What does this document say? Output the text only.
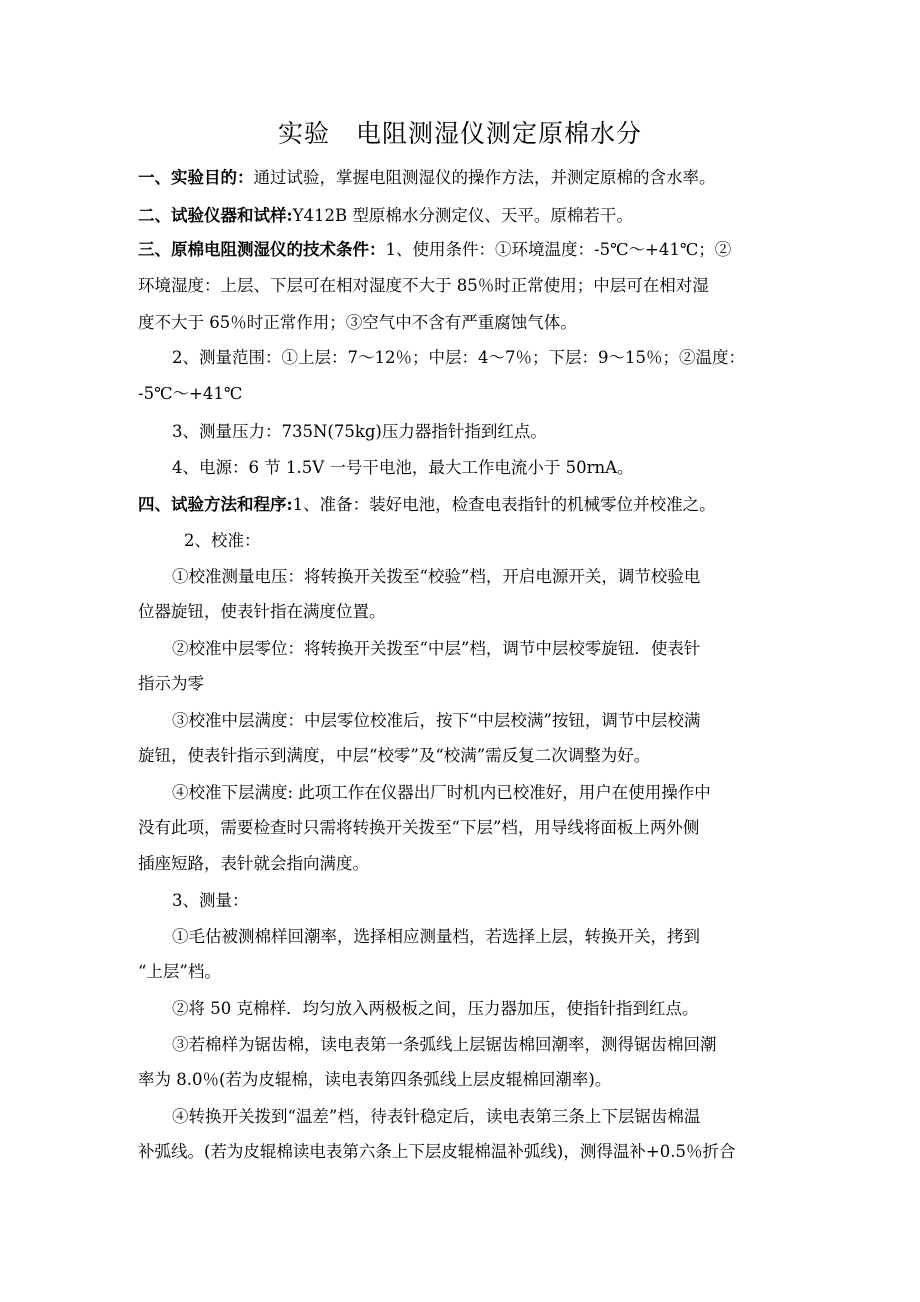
实验　电阻测湿仪测定原棉水分
一、实验目的：通过试验，掌握电阻测湿仪的操作方法，并测定原棉的含水率。
二、试验仪器和试样:Y412B 型原棉水分测定仪、天平。原棉若干。
三、原棉电阻测湿仪的技术条件：1、使用条件：①环境温度：-5℃～+41℃；②
环境湿度：上层、下层可在相对湿度不大于 85％时正常使用；中层可在相对湿
度不大于 65％时正常作用；③空气中不含有严重腐蚀气体。
2、测量范围：①上层：7～12％；中层：4～7％；下层：9～15％；②温度：
-5℃～+41℃
3、测量压力：735N(75kg)压力器指针指到红点。
4、电源：6 节 1.5V 一号干电池，最大工作电流小于 50rnA。
四、试验方法和程序:1、准备：装好电池，检查电表指针的机械零位并校准之。
2、校准：
①校准测量电压：将转换开关拨至“校验”档，开启电源开关，调节校验电
位器旋钮，使表针指在满度位置。
②校准中层零位：将转换开关拨至“中层”档，调节中层校零旋钮．使表针
指示为零
③校准中层满度：中层零位校准后，按下“中层校满”按钮，调节中层校满
旋钮，使表针指示到满度，中层“校零”及“校满”需反复二次调整为好。
④校准下层满度: 此项工作在仪器出厂时机内已校准好，用户在使用操作中
没有此项，需要检查时只需将转换开关拨至“下层”档，用导线将面板上两外侧
插座短路，表针就会指向满度。
3、测量：
①毛估被测棉样回潮率，选择相应测量档，若选择上层，转换开关，拷到
“上层”档。
②将 50 克棉样．均匀放入两极板之间，压力器加压，使指针指到红点。
③若棉样为锯齿棉，读电表第一条弧线上层锯齿棉回潮率，测得锯齿棉回潮
率为 8.0％(若为皮辊棉，读电表第四条弧线上层皮辊棉回潮率)。
④转换开关拨到“温差”档，待表针稳定后，读电表第三条上下层锯齿棉温
补弧线。(若为皮辊棉读电表第六条上下层皮辊棉温补弧线)，测得温补+0.5％折合
